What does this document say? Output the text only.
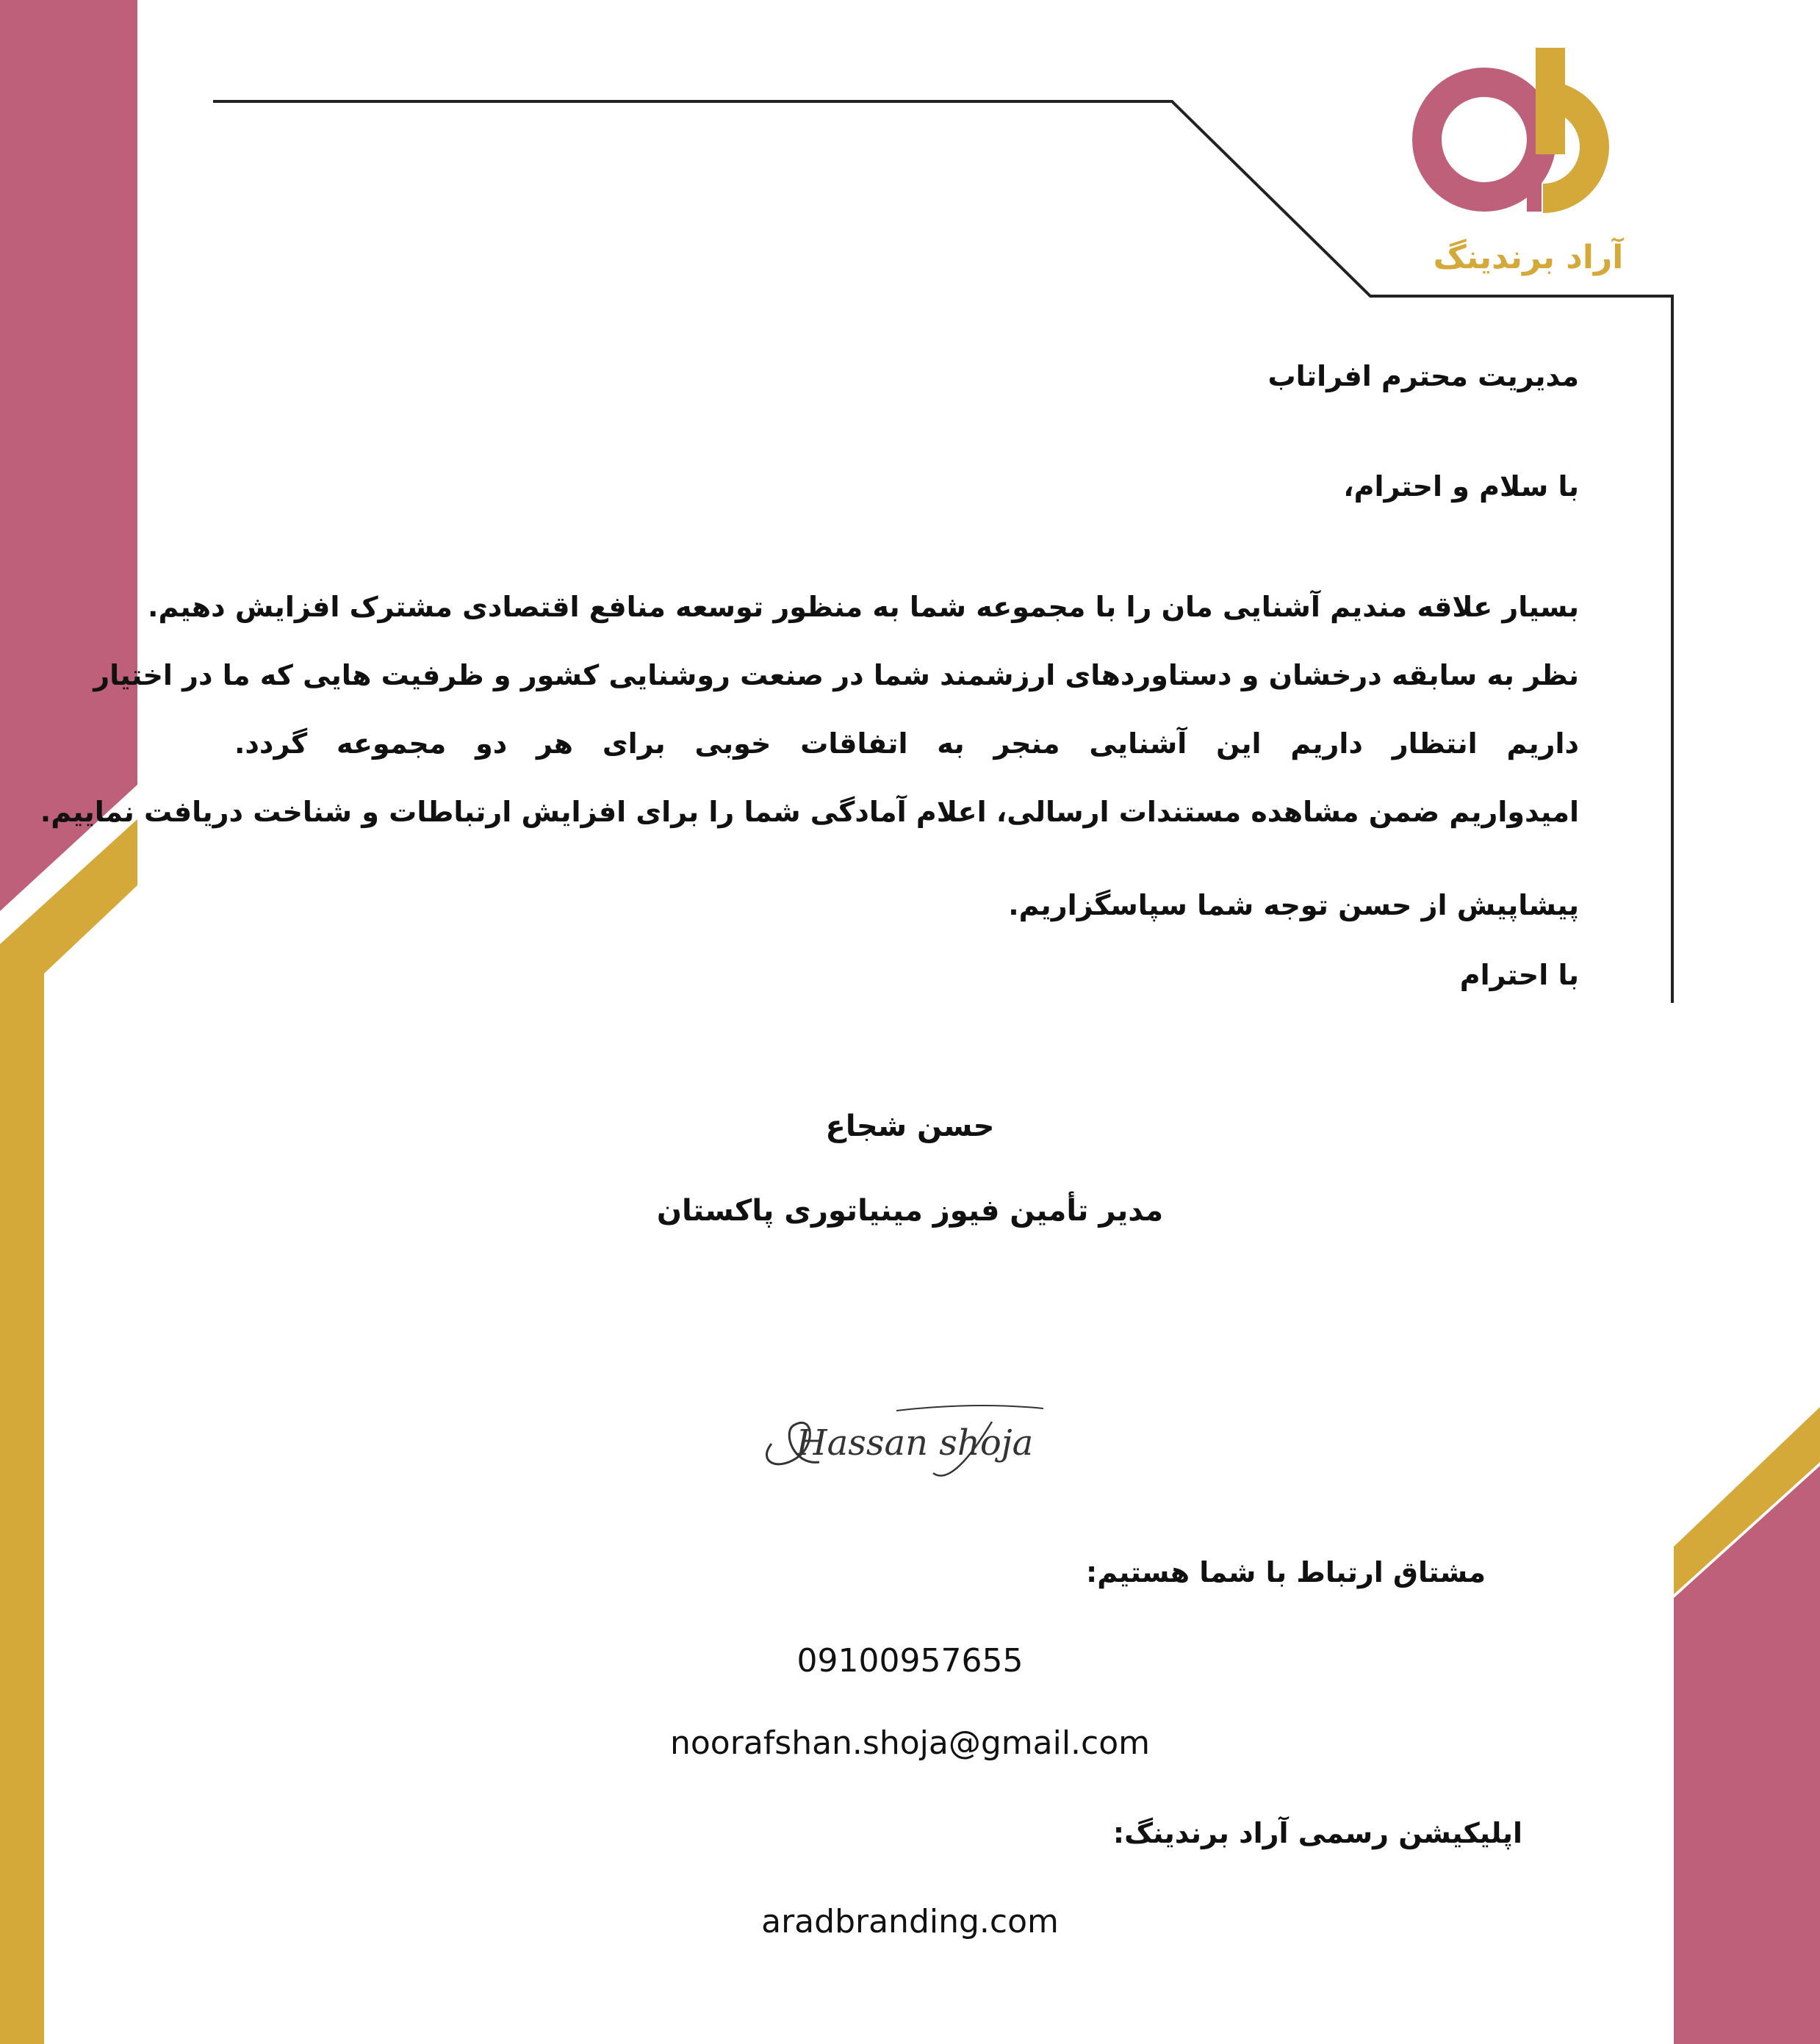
آراد برندینگ
مدیریت محترم افراتاب
با سلام و احترام،
بسیار علاقه مندیم آشنایی مان را با مجموعه شما به منظور توسعه منافع اقتصادی مشترک افزایش دهیم.
نظر به سابقه درخشان و دستاوردهای ارزشمند شما در صنعت روشنایی کشور و ظرفیت هایی که ما در اختیار
داریم انتظار داریم این آشنایی منجر به اتفاقات خوبی برای هر دو مجموعه گردد.
امیدواریم ضمن مشاهده مستندات ارسالی، اعلام آمادگی شما را برای افزایش ارتباطات و شناخت دریافت نماییم.
پیشاپیش از حسن توجه شما سپاسگزاریم.
با احترام
حسن شجاع
مدیر تأمین فیوز مینیاتوری پاکستان
Hassan shoja
مشتاق ارتباط با شما هستیم:
09100957655
noorafshan.shoja@gmail.com
اپلیکیشن رسمی آراد برندینگ:
aradbranding.com
